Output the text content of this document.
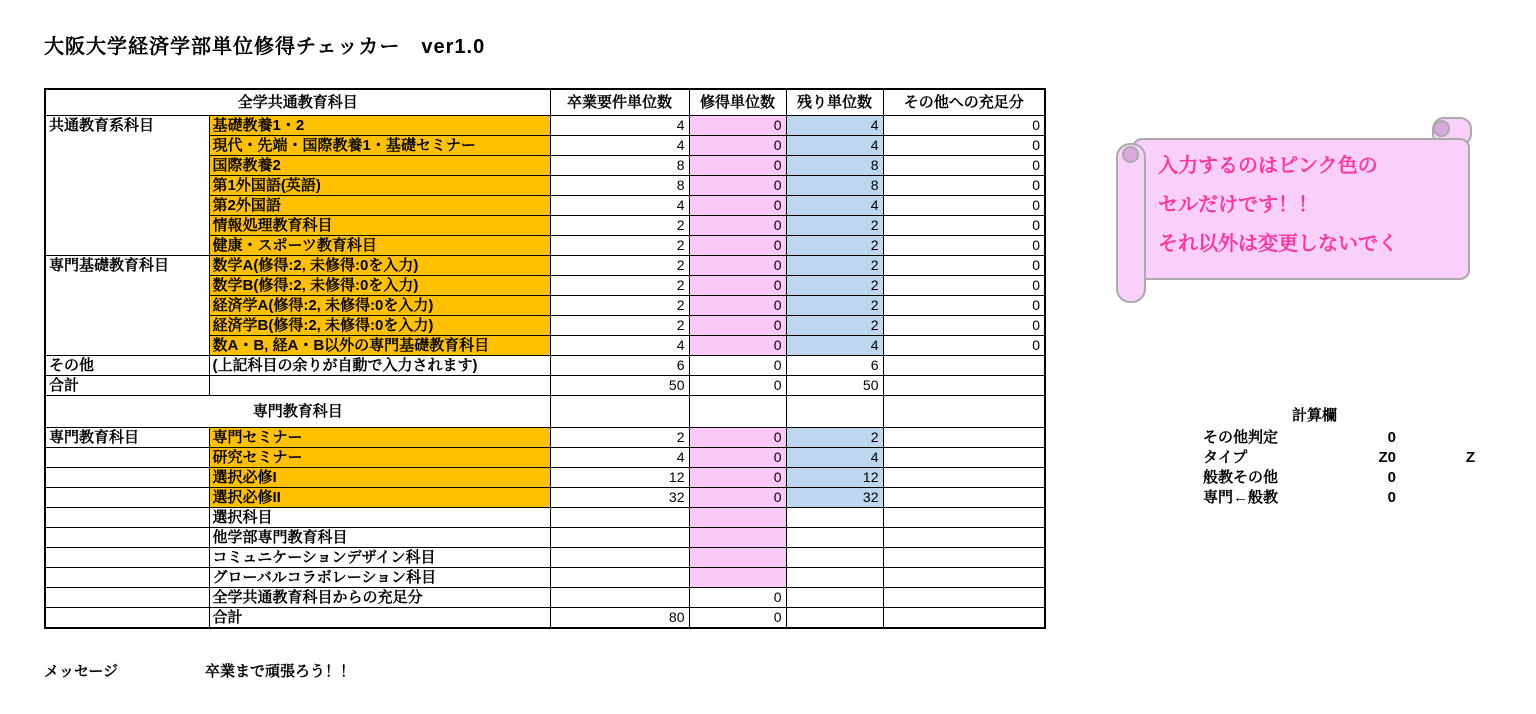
大阪大学経済学部単位修得チェッカー　ver1.0
全学共通教育科目		卒業要件単位数	修得単位数	残り単位数	その他への充足分
共通教育系科目	基礎教養1・2	4	0	4	0
	現代・先端・国際教養1・基礎セミナー	4	0	4	0
	国際教養2	8	0	8	0
	第1外国語(英語)	8	0	8	0
	第2外国語	4	0	4	0
	情報処理教育科目	2	0	2	0
	健康・スポーツ教育科目	2	0	2	0
専門基礎教育科目	数学A(修得:2, 未修得:0を入力)	2	0	2	0
	数学B(修得:2, 未修得:0を入力)	2	0	2	0
	経済学A(修得:2, 未修得:0を入力)	2	0	2	0
	経済学B(修得:2, 未修得:0を入力)	2	0	2	0
	数A・B, 経A・B以外の専門基礎教育科目	4	0	4	0
その他	(上記科目の余りが自動で入力されます)	6	0	6	
合計		50	0	50	
専門教育科目					
専門教育科目	専門セミナー	2	0	2	
	研究セミナー	4	0	4	
	選択必修I	12	0	12	
	選択必修II	32	0	32	
	選択科目				
	他学部専門教育科目				
	コミュニケーションデザイン科目				
	グローバルコラボレーション科目				
	全学共通教育科目からの充足分		0		
	合計	80	0		
入力するのはピンク色の
セルだけです！！
それ以外は変更しないでく
計算欄
その他判定	0
タイプ	Z0	Z
般教その他	0
専門←般教	0
メッセージ	卒業まで頑張ろう！！
